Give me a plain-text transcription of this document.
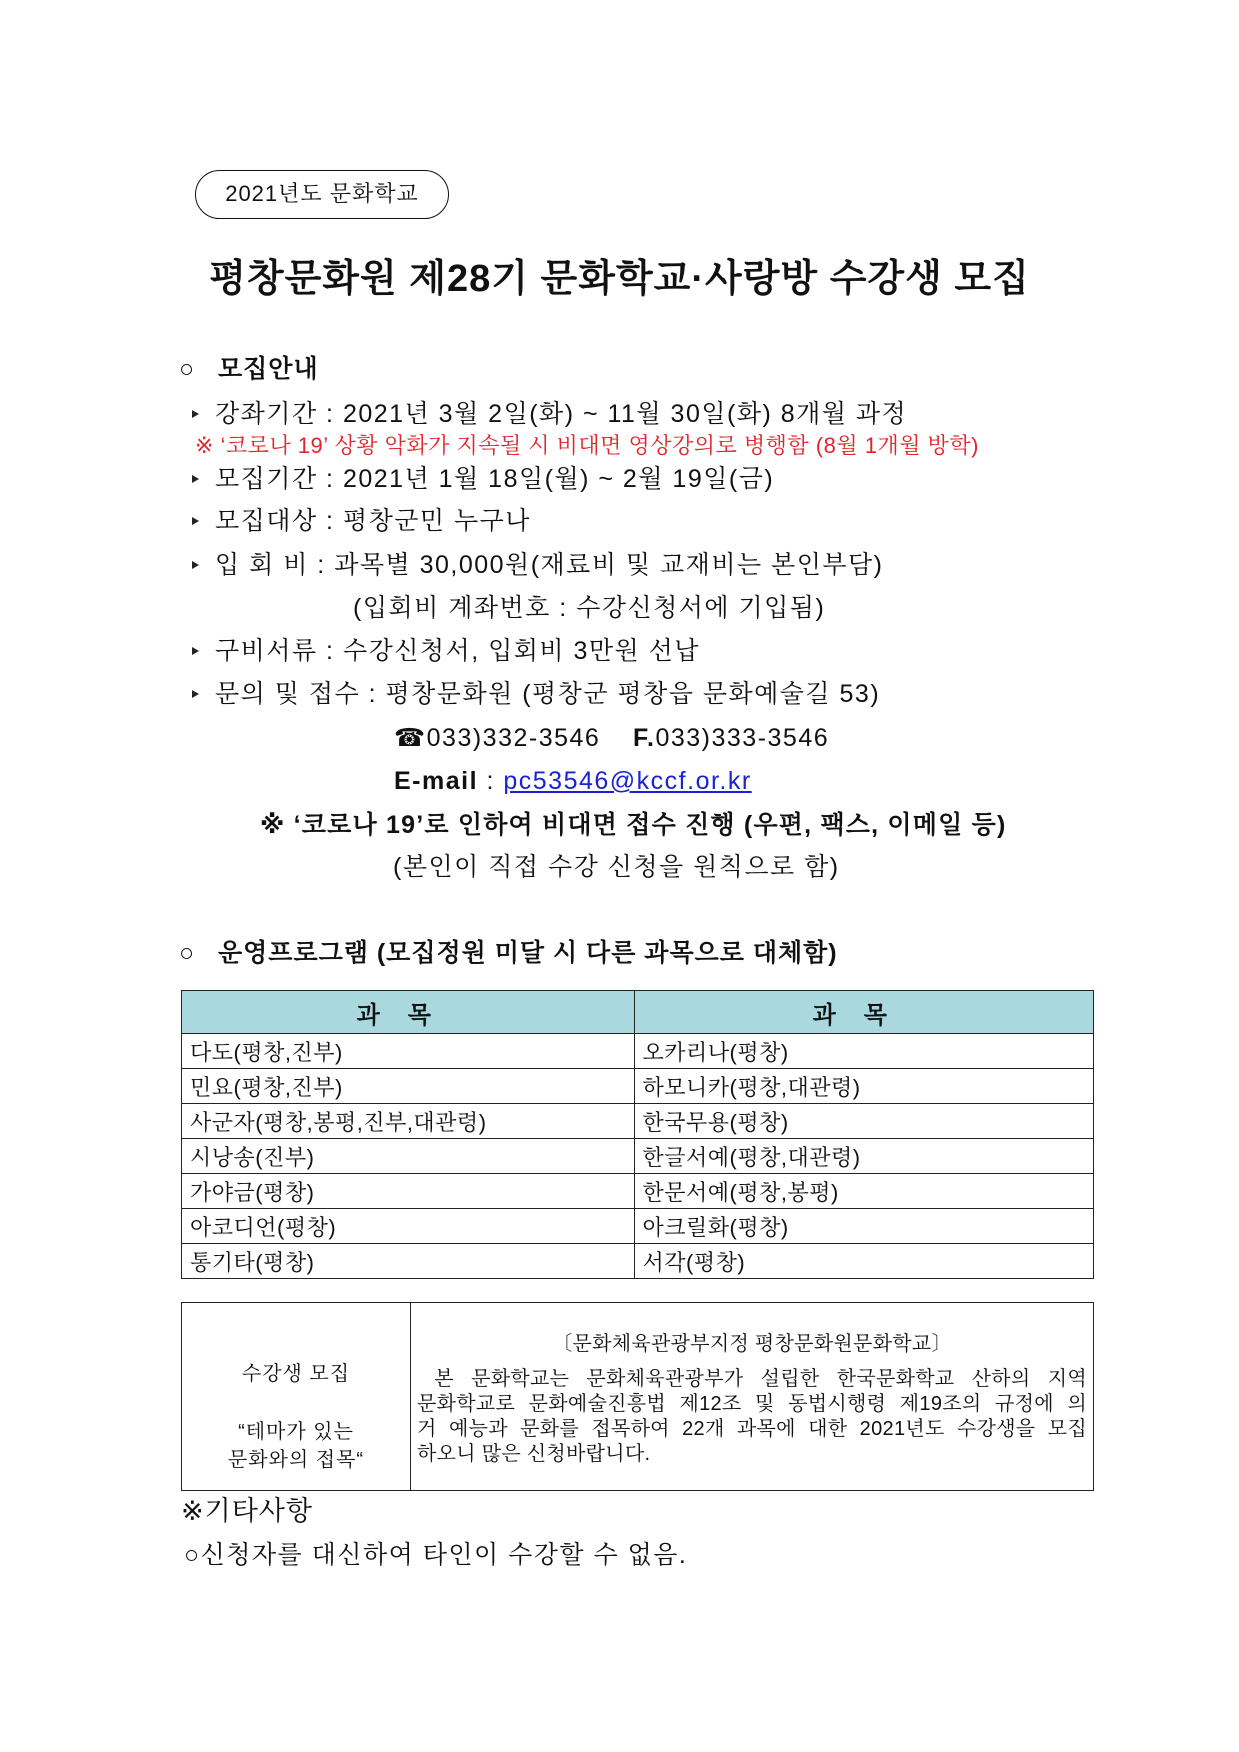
2021년도 문화학교
평창문화원 제28기 문화학교·사랑방 수강생 모집
○ 모집안내
강좌기간 : 2021년 3월 2일(화) ~ 11월 30일(화) 8개월 과정
※ ‘코로나 19’ 상황 악화가 지속될 시 비대면 영상강의로 병행함 (8월 1개월 방학)
모집기간 : 2021년 1월 18일(월) ~ 2월 19일(금)
모집대상 : 평창군민 누구나
입 회 비 : 과목별 30,000원(재료비 및 교재비는 본인부담)
(입회비 계좌번호 : 수강신청서에 기입됨)
구비서류 : 수강신청서, 입회비 3만원 선납
문의 및 접수 : 평창문화원 (평창군 평창읍 문화예술길 53)
☎033)332-3546 F.033)333-3546
E-mail : pc53546@kccf.or.kr
※ ‘코로나 19’로 인하여 비대면 접수 진행 (우편, 팩스, 이메일 등)
(본인이 직접 수강 신청을 원칙으로 함)
○ 운영프로그램 (모집정원 미달 시 다른 과목으로 대체함)
과목	과목
다도(평창,진부)	오카리나(평창)
민요(평창,진부)	하모니카(평창,대관령)
사군자(평창,봉평,진부,대관령)	한국무용(평창)
시낭송(진부)	한글서예(평창,대관령)
가야금(평창)	한문서예(평창,봉평)
아코디언(평창)	아크릴화(평창)
통기타(평창)	서각(평창)
수강생 모집
“테마가 있는
문화와의 접목“
〔문화체육관광부지정 평창문화원문화학교〕
본 문화학교는 문화체육관광부가 설립한 한국문화학교 산하의 지역
문화학교로 문화예술진흥법 제12조 및 동법시행령 제19조의 규정에 의
거 예능과 문화를 접목하여 22개 과목에 대한 2021년도 수강생을 모집
하오니 많은 신청바랍니다.
※기타사항
○신청자를 대신하여 타인이 수강할 수 없음.
